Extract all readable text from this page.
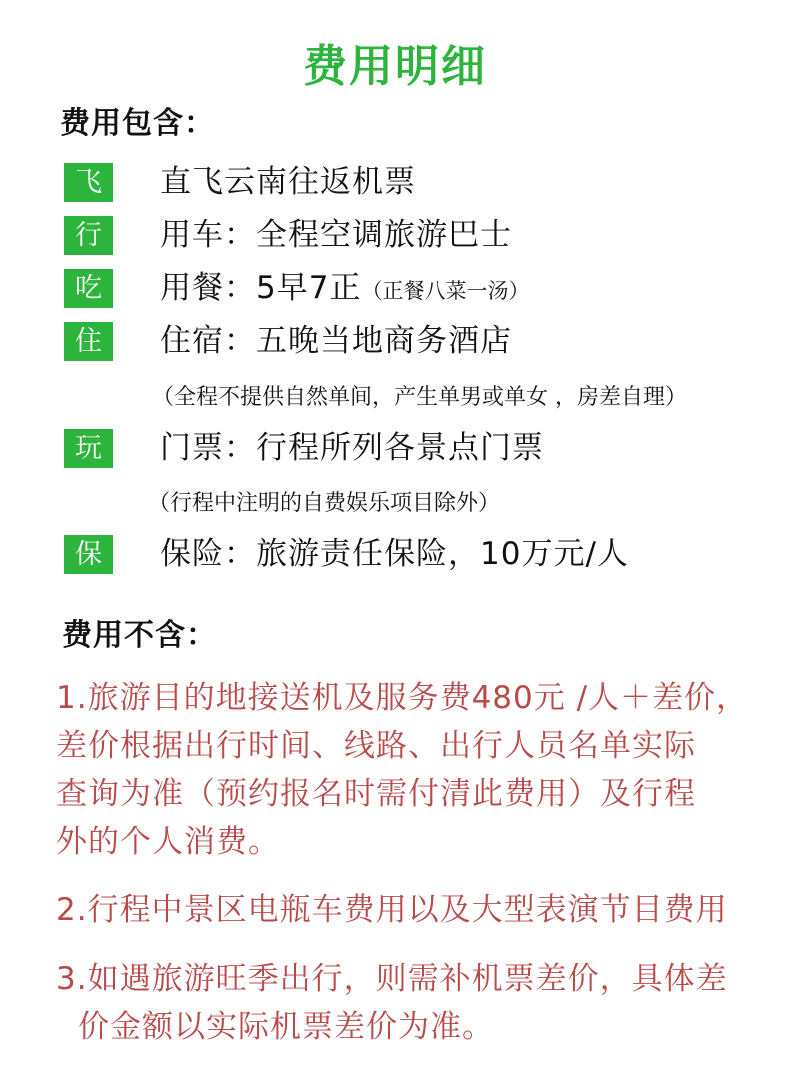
费用明细
费用包含：
飞	直飞云南往返机票
行	用车：全程空调旅游巴士
吃	用餐：5早7正（正餐八菜一汤）
住	住宿：五晚当地商务酒店
（全程不提供自然单间，产生单男或单女 ，房差自理）
玩	门票：行程所列各景点门票
（行程中注明的自费娱乐项目除外）
保	保险：旅游责任保险，10万元/人
费用不含：
1.旅游目的地接送机及服务费480元 /人＋差价，
差价根据出行时间、线路、出行人员名单实际
查询为准（预约报名时需付清此费用）及行程
外的个人消费。
2.行程中景区电瓶车费用以及大型表演节目费用
3.如遇旅游旺季出行，则需补机票差价，具体差
价金额以实际机票差价为准。
